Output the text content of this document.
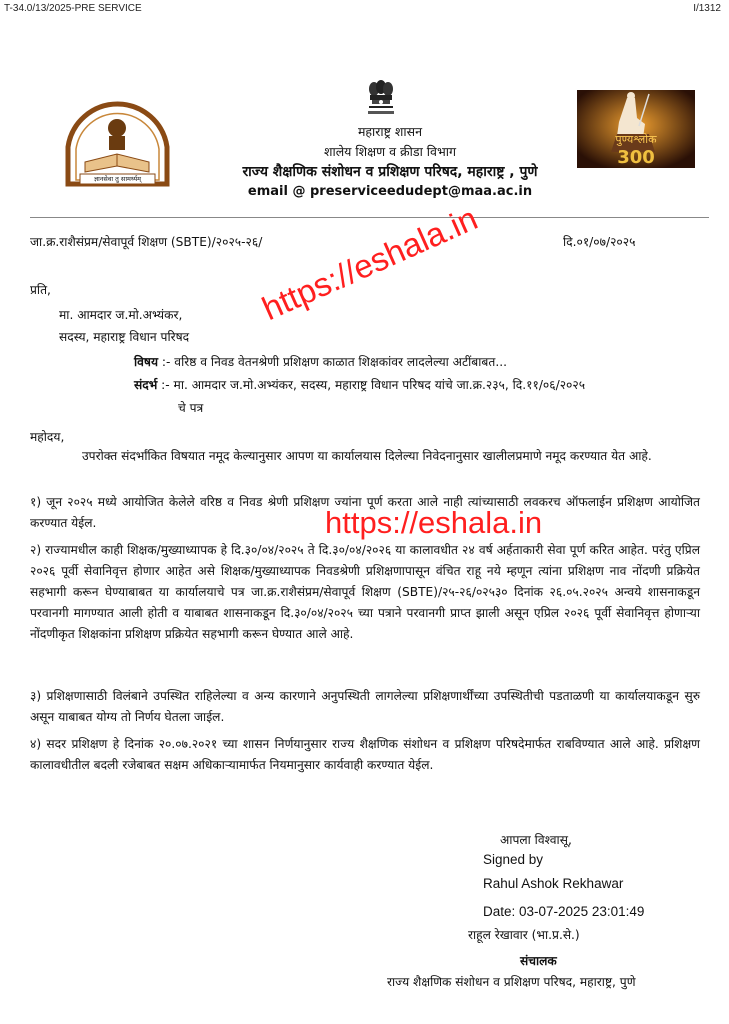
T-34.0/13/2025-PRE SERVICE	I/1312
ज्ञानसेवा तु सामर्थ्यम्
पुण्यश्लोक
300
महाराष्ट्र शासन
शालेय शिक्षण व क्रीडा विभाग
राज्य शैक्षणिक संशोधन व प्रशिक्षण परिषद, महाराष्ट्र , पुणे
email @ preserviceedudept@maa.ac.in
जा.क्र.राशैसंप्रम/सेवापूर्व शिक्षण (SBTE)/२०२५-२६/	दि.०१/०७/२०२५
प्रति,
मा. आमदार ज.मो.अभ्यंकर,
सदस्य, महाराष्ट्र विधान परिषद
विषय :- वरिष्ठ व निवड वेतनश्रेणी प्रशिक्षण काळात शिक्षकांवर लादलेल्या अटींबाबत...
संदर्भ :- मा. आमदार ज.मो.अभ्यंकर, सदस्य, महाराष्ट्र विधान परिषद यांचे जा.क्र.२३५, दि.११/०६/२०२५
चे पत्र
महोदय,
उपरोक्त संदर्भांकित विषयात नमूद केल्यानुसार आपण या कार्यालयास दिलेल्या निवेदनानुसार खालीलप्रमाणे नमूद करण्यात येत आहे.
१) जून २०२५ मध्ये आयोजित केलेले वरिष्ठ व निवड श्रेणी प्रशिक्षण ज्यांना पूर्ण करता आले नाही त्यांच्यासाठी लवकरच ऑफलाईन प्रशिक्षण आयोजित करण्यात येईल.
२) राज्यामधील काही शिक्षक/मुख्याध्यापक हे दि.३०/०४/२०२५ ते दि.३०/०४/२०२६ या कालावधीत २४ वर्ष अर्हताकारी सेवा पूर्ण करित आहेत. परंतु एप्रिल २०२६ पूर्वी सेवानिवृत्त होणार आहेत असे शिक्षक/मुख्याध्यापक निवडश्रेणी प्रशिक्षणापासून वंचित राहू नये म्हणून त्यांना प्रशिक्षण नाव नोंदणी प्रक्रियेत सहभागी करून घेण्याबाबत या कार्यालयाचे पत्र जा.क्र.राशैसंप्रम/सेवापूर्व शिक्षण (SBTE)/२५-२६/०२५३० दिनांक २६.०५.२०२५ अन्वये शासनाकडून परवानगी मागण्यात आली होती व याबाबत शासनाकडून दि.३०/०४/२०२५ च्या पत्राने परवानगी प्राप्त झाली असून एप्रिल २०२६ पूर्वी सेवानिवृत्त होणाऱ्या नोंदणीकृत शिक्षकांना प्रशिक्षण प्रक्रियेत सहभागी करून घेण्यात आले आहे.
३) प्रशिक्षणासाठी विलंबाने उपस्थित राहिलेल्या व अन्य कारणाने अनुपस्थिती लागलेल्या प्रशिक्षणार्थींच्या उपस्थितीची पडताळणी या कार्यालयाकडून सुरु असून याबाबत योग्य तो निर्णय घेतला जाईल.
४) सदर प्रशिक्षण हे दिनांक २०.०७.२०२१ च्या शासन निर्णयानुसार राज्य शैक्षणिक संशोधन व प्रशिक्षण परिषदेमार्फत राबविण्यात आले आहे. प्रशिक्षण कालावधीतील बदली रजेबाबत सक्षम अधिकाऱ्यामार्फत नियमानुसार कार्यवाही करण्यात येईल.
आपला विश्वासू,
Signed by
Rahul Ashok Rekhawar
Date: 03-07-2025 23:01:49
राहूल रेखावार (भा.प्र.से.)
संचालक
राज्य शैक्षणिक संशोधन व प्रशिक्षण परिषद, महाराष्ट्र, पुणे
https://eshala.in
https://eshala.in
